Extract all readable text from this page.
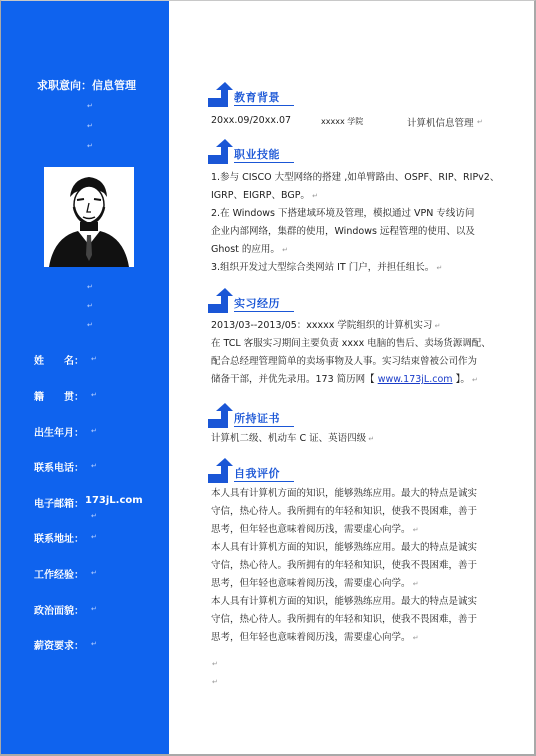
求职意向：信息管理
↵
↵
↵
↵
↵
↵
姓　　名： ↵
籍　　贯： ↵
出生年月： ↵
联系电话： ↵
电子邮箱： 173jL.com
↵
联系地址： ↵
工作经验： ↵
政治面貌： ↵
薪资要求： ↵
教育背景
20xx.09/20xx.07	xxxxx 学院	计算机信息管理 ↵
职业技能
1.参与 CISCO 大型网络的搭建 ,如单臂路由、OSPF、RIP、RIPv2、
IGRP、EIGRP、BGP。 ↵
2.在 Windows 下搭建域环境及管理，模拟通过 VPN 专线访问
企业内部网络，集群的使用，Windows 远程管理的使用、以及
Ghost 的应用。 ↵
3.组织开发过大型综合类网站 IT 门户，并担任组长。 ↵
实习经历
2013/03--2013/05：xxxxx 学院组织的计算机实习 ↵
在 TCL 客服实习期间主要负责 xxxx 电脑的售后、卖场货源调配、
配合总经理管理简单的卖场事物及人事。实习结束曾被公司作为
储备干部，并优先录用。173 简历网【 www.173jL.com 】。 ↵
所持证书
计算机二级、机动车 C 证、英语四级 ↵
自我评价
本人具有计算机方面的知识，能够熟练应用。最大的特点是诚实
守信，热心待人。我所拥有的年轻和知识，使我不畏困难，善于
思考，但年轻也意味着阅历浅，需要虚心向学。 ↵
本人具有计算机方面的知识，能够熟练应用。最大的特点是诚实
守信，热心待人。我所拥有的年轻和知识，使我不畏困难，善于
思考，但年轻也意味着阅历浅，需要虚心向学。 ↵
本人具有计算机方面的知识，能够熟练应用。最大的特点是诚实
守信，热心待人。我所拥有的年轻和知识，使我不畏困难，善于
思考，但年轻也意味着阅历浅，需要虚心向学。 ↵
↵
↵
